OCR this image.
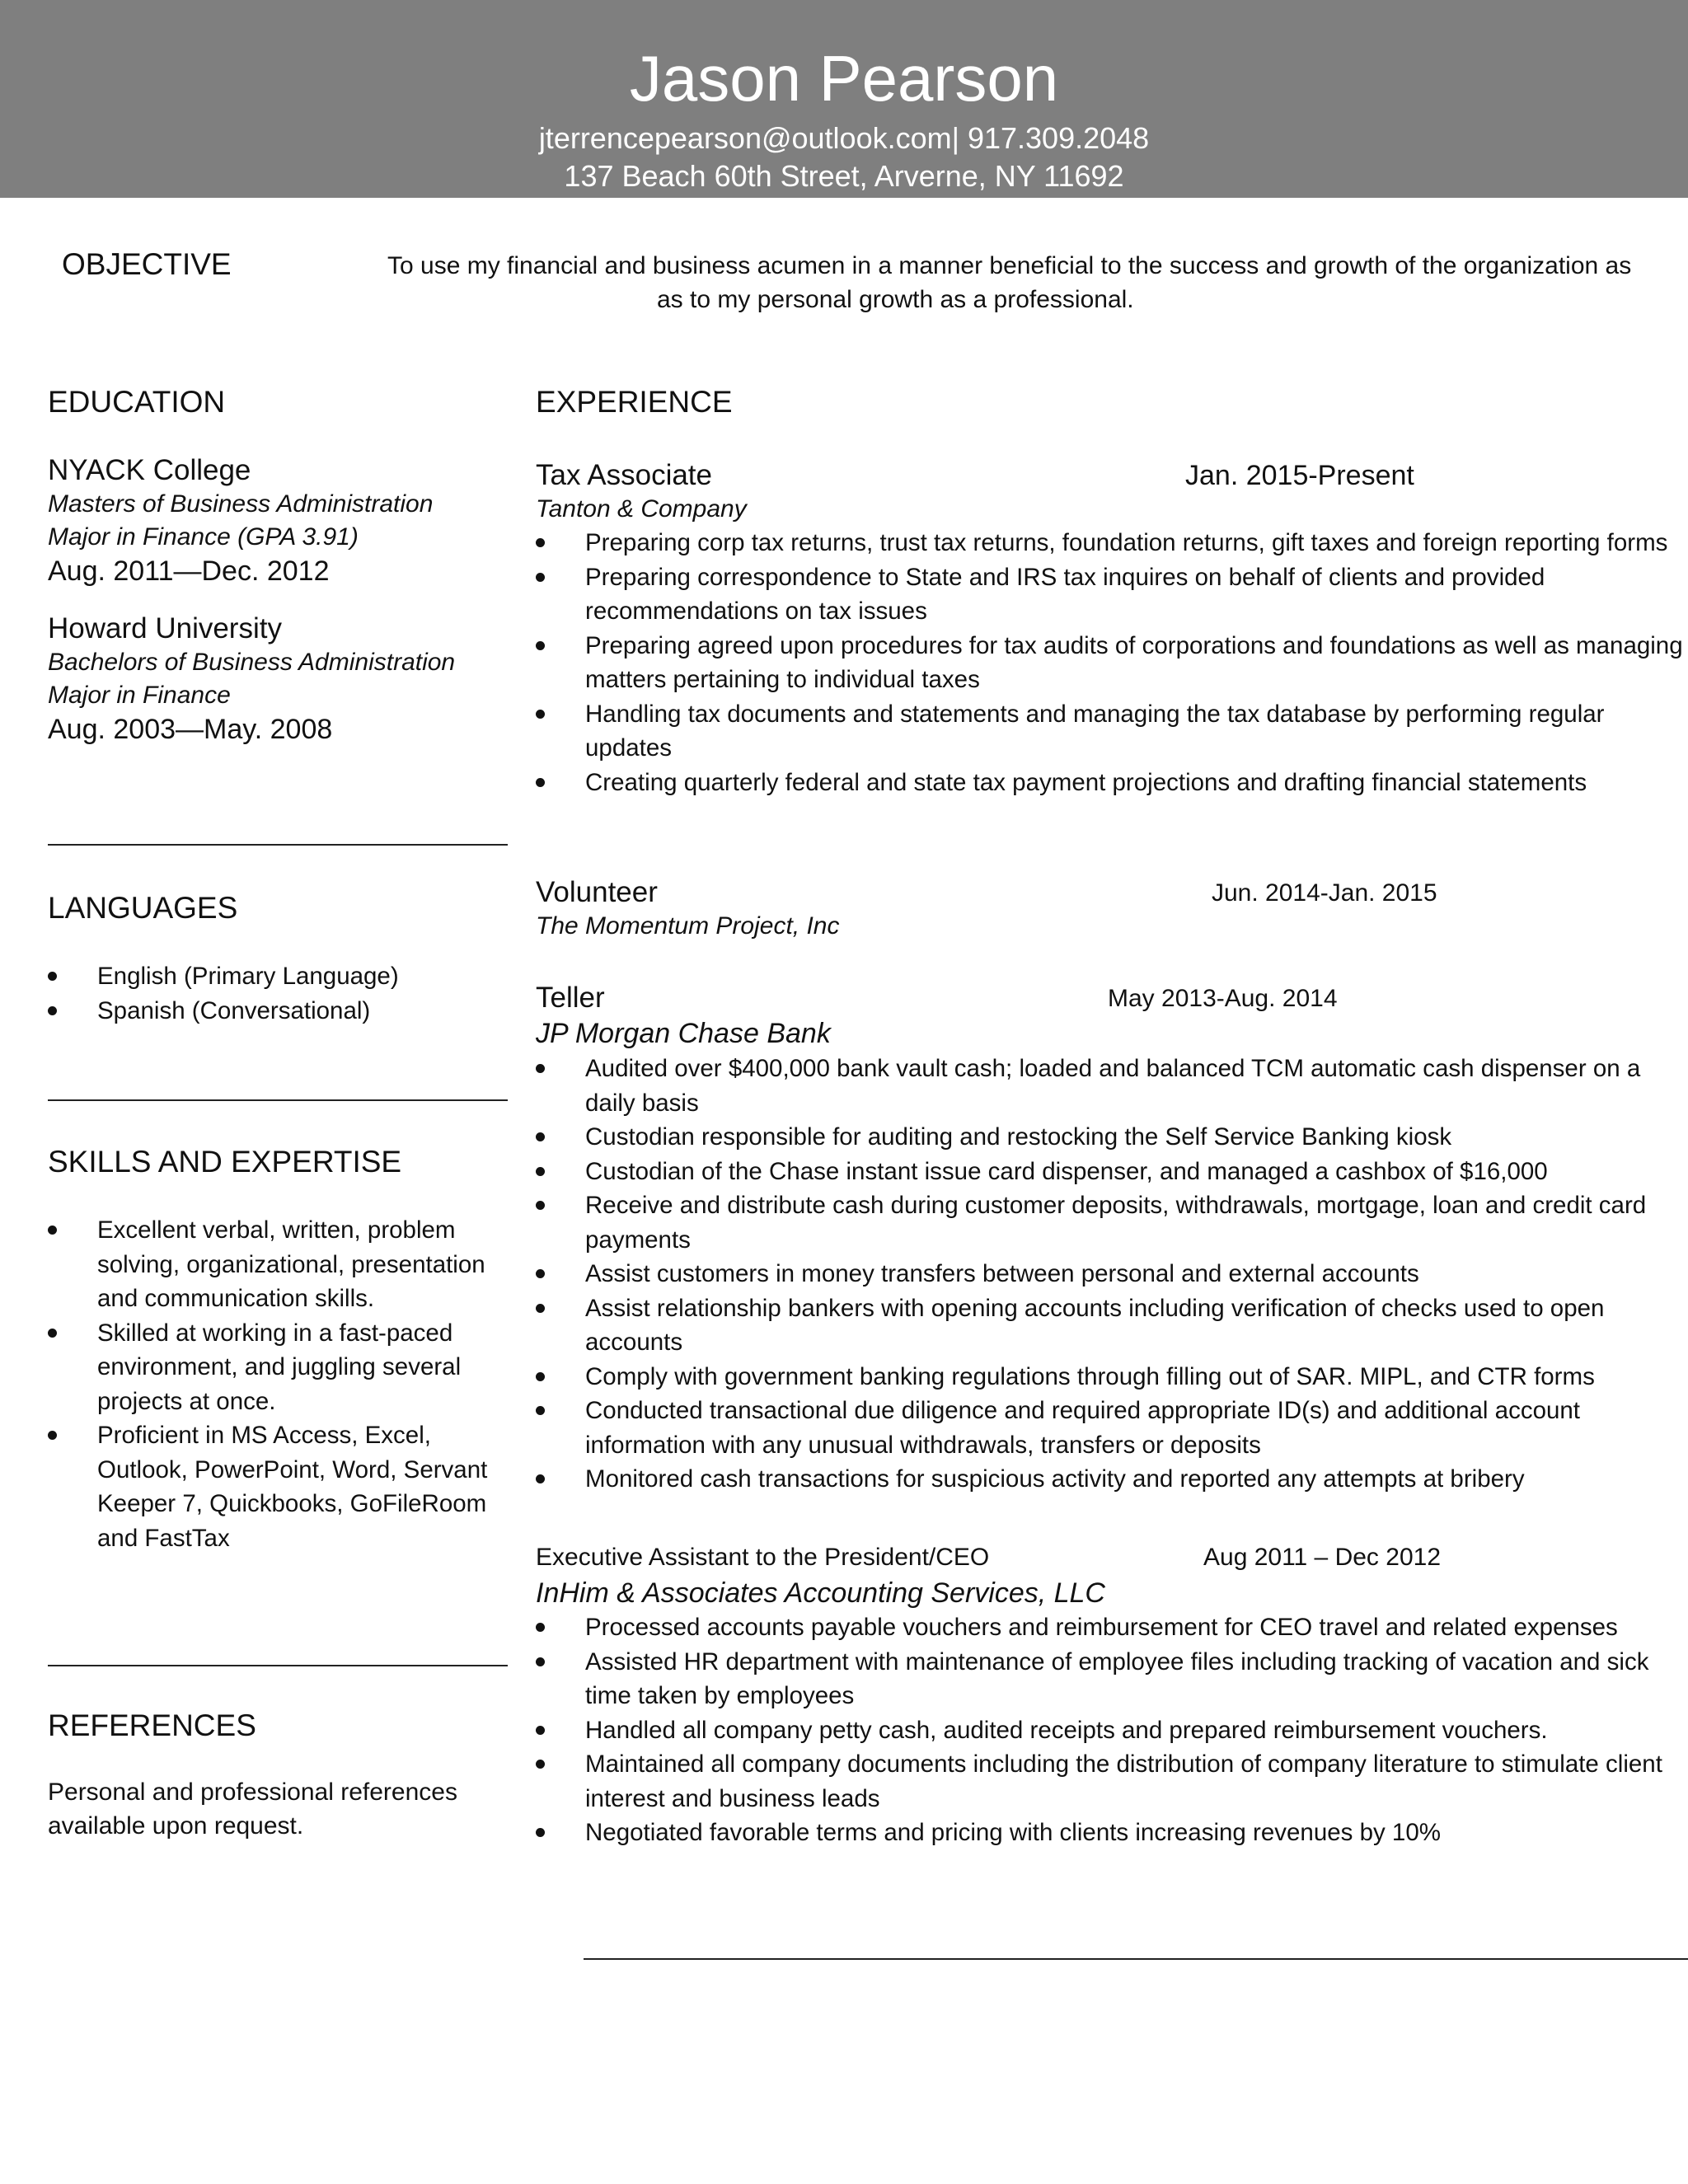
Jason Pearson
jterrencepearson@outlook.com| 917.309.2048
137 Beach 60th Street, Arverne, NY 11692
OBJECTIVE	To use my financial and business acumen in a manner beneficial to the success and growth of the organization as
as to my personal growth as a professional.
EDUCATION
NYACK College
Masters of Business Administration
Major in Finance (GPA 3.91)
Aug. 2011—Dec. 2012
Howard University
Bachelors of Business Administration
Major in Finance
Aug. 2003—May. 2008
LANGUAGES
English (Primary Language)
Spanish (Conversational)
SKILLS AND EXPERTISE
Excellent verbal, written, problem solving, organizational, presentation and communication skills.
Skilled at working in a fast-paced environment, and juggling several projects at once.
Proficient in MS Access, Excel, Outlook, PowerPoint, Word, Servant Keeper 7, Quickbooks, GoFileRoom and FastTax
REFERENCES
Personal and professional references available upon request.
EXPERIENCE
Tax Associate	Jan. 2015-Present
Tanton & Company
Preparing corp tax returns, trust tax returns, foundation returns, gift taxes and foreign reporting forms
Preparing correspondence to State and IRS tax inquires on behalf of clients and provided recommendations on tax issues
Preparing agreed upon procedures for tax audits of corporations and foundations as well as managing matters pertaining to individual taxes
Handling tax documents and statements and managing the tax database by performing regular updates
Creating quarterly federal and state tax payment projections and drafting financial statements
Volunteer	Jun. 2014-Jan. 2015
The Momentum Project, Inc
Teller	May 2013-Aug. 2014
JP Morgan Chase Bank
Audited over $400,000 bank vault cash; loaded and balanced TCM automatic cash dispenser on a daily basis
Custodian responsible for auditing and restocking the Self Service Banking kiosk
Custodian of the Chase instant issue card dispenser, and managed a cashbox of $16,000
Receive and distribute cash during customer deposits, withdrawals, mortgage, loan and credit card payments
Assist customers in money transfers between personal and external accounts
Assist relationship bankers with opening accounts including verification of checks used to open accounts
Comply with government banking regulations through filling out of SAR. MIPL, and CTR forms
Conducted transactional due diligence and required appropriate ID(s) and additional account information with any unusual withdrawals, transfers or deposits
Monitored cash transactions for suspicious activity and reported any attempts at bribery
Executive Assistant to the President/CEO	Aug 2011 – Dec 2012
InHim & Associates Accounting Services, LLC
Processed accounts payable vouchers and reimbursement for CEO travel and related expenses
Assisted HR department with maintenance of employee files including tracking of vacation and sick time taken by employees
Handled all company petty cash, audited receipts and prepared reimbursement vouchers.
Maintained all company documents including the distribution of company literature to stimulate client interest and business leads
Negotiated favorable terms and pricing with clients increasing revenues by 10%
